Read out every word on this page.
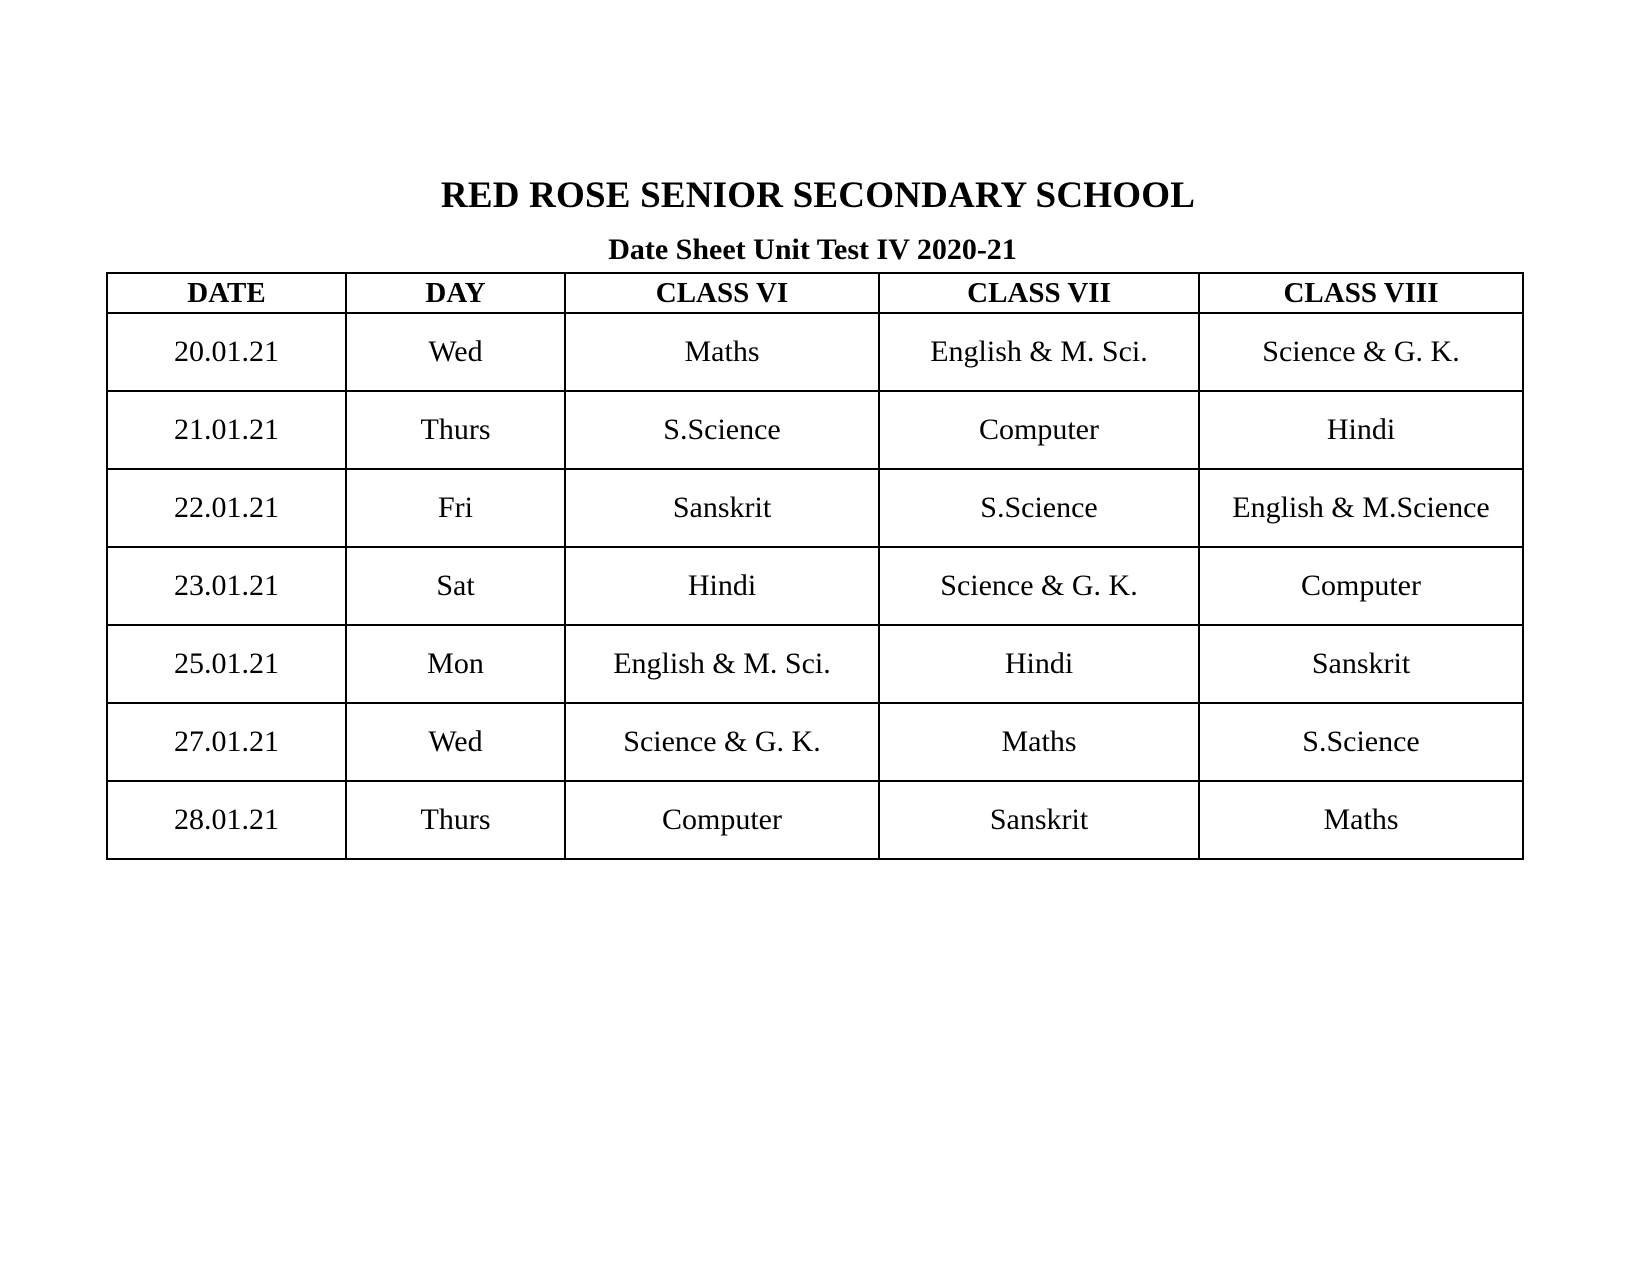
RED ROSE SENIOR SECONDARY SCHOOL
Date Sheet Unit Test IV 2020-21
DATE	DAY	CLASS VI	CLASS VII	CLASS VIII
20.01.21	Wed	Maths	English & M. Sci.	Science & G. K.
21.01.21	Thurs	S.Science	Computer	Hindi
22.01.21	Fri	Sanskrit	S.Science	English & M.Science
23.01.21	Sat	Hindi	Science & G. K.	Computer
25.01.21	Mon	English & M. Sci.	Hindi	Sanskrit
27.01.21	Wed	Science & G. K.	Maths	S.Science
28.01.21	Thurs	Computer	Sanskrit	Maths
